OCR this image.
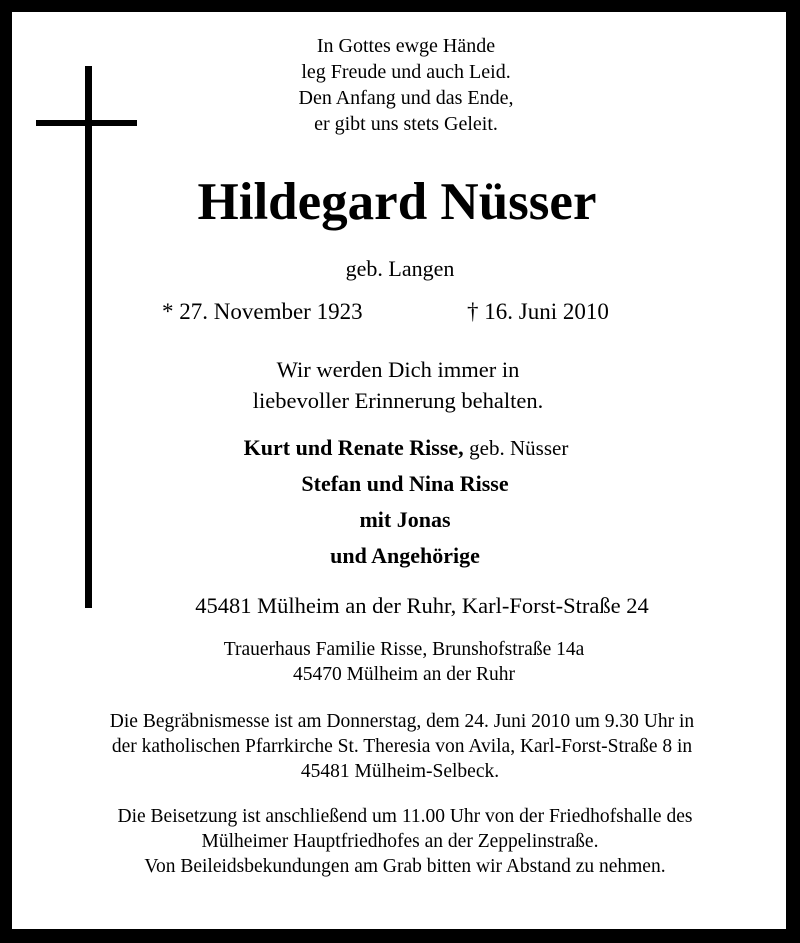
In Gottes ewge Hände
leg Freude und auch Leid.
Den Anfang und das Ende,
er gibt uns stets Geleit.
Hildegard Nüsser
geb. Langen
* 27. November 1923	† 16. Juni 2010
Wir werden Dich immer in
liebevoller Erinnerung behalten.
Kurt und Renate Risse, geb. Nüsser
Stefan und Nina Risse
mit Jonas
und Angehörige
45481 Mülheim an der Ruhr, Karl-Forst-Straße 24
Trauerhaus Familie Risse, Brunshofstraße 14a
45470 Mülheim an der Ruhr
Die Begräbnismesse ist am Donnerstag, dem 24. Juni 2010 um 9.30 Uhr in
der katholischen Pfarrkirche St. Theresia von Avila, Karl-Forst-Straße 8 in
45481 Mülheim-Selbeck.
Die Beisetzung ist anschließend um 11.00 Uhr von der Friedhofshalle des
Mülheimer Hauptfriedhofes an der Zeppelinstraße.
Von Beileidsbekundungen am Grab bitten wir Abstand zu nehmen.
